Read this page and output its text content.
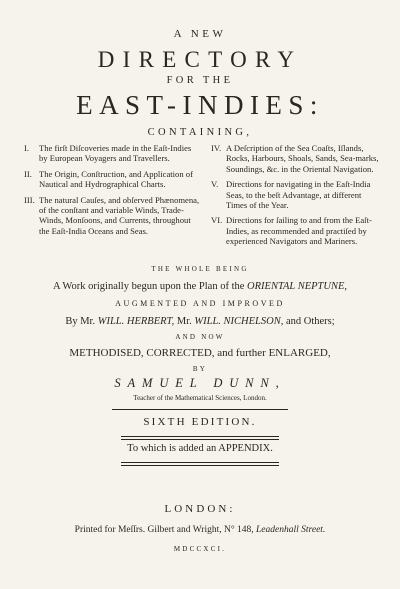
A NEW
DIRECTORY
FOR THE
EAST-INDIES:
CONTAINING,
I. The firſt Diſcoveries made in the Eaſt-Indies by European Voyagers and Travellers.
II. The Origin, Conſtruction, and Application of Nautical and Hydrographical Charts.
III. The natural Cauſes, and obſerved Phænomena, of the conſtant and variable Winds, Trade-Winds, Monſoons, and Currents, throughout the Eaſt-India Oceans and Seas.
IV. A Deſcription of the Sea Coaſts, Iſlands, Rocks, Harbours, Shoals, Sands, Sea-marks, Soundings, &c. in the Oriental Navigation.
V. Directions for navigating in the Eaſt-India Seas, to the beſt Advantage, at different Times of the Year.
VI. Directions for ſailing to and from the Eaſt-Indies, as recommended and practiſed by experienced Navigators and Mariners.
THE WHOLE BEING
A Work originally begun upon the Plan of the ORIENTAL NEPTUNE,
AUGMENTED AND IMPROVED
By Mr. WILL. HERBERT, Mr. WILL. NICHELSON, and Others;
AND NOW
METHODISED, CORRECTED, and further ENLARGED,
BY
SAMUEL DUNN,
Teacher of the Mathematical Sciences, London.
SIXTH EDITION.
To which is added an APPENDIX.
LONDON:
Printed for Meſſrs. Gilbert and Wright, N° 148, Leadenhall Street.
MDCCXCI.
